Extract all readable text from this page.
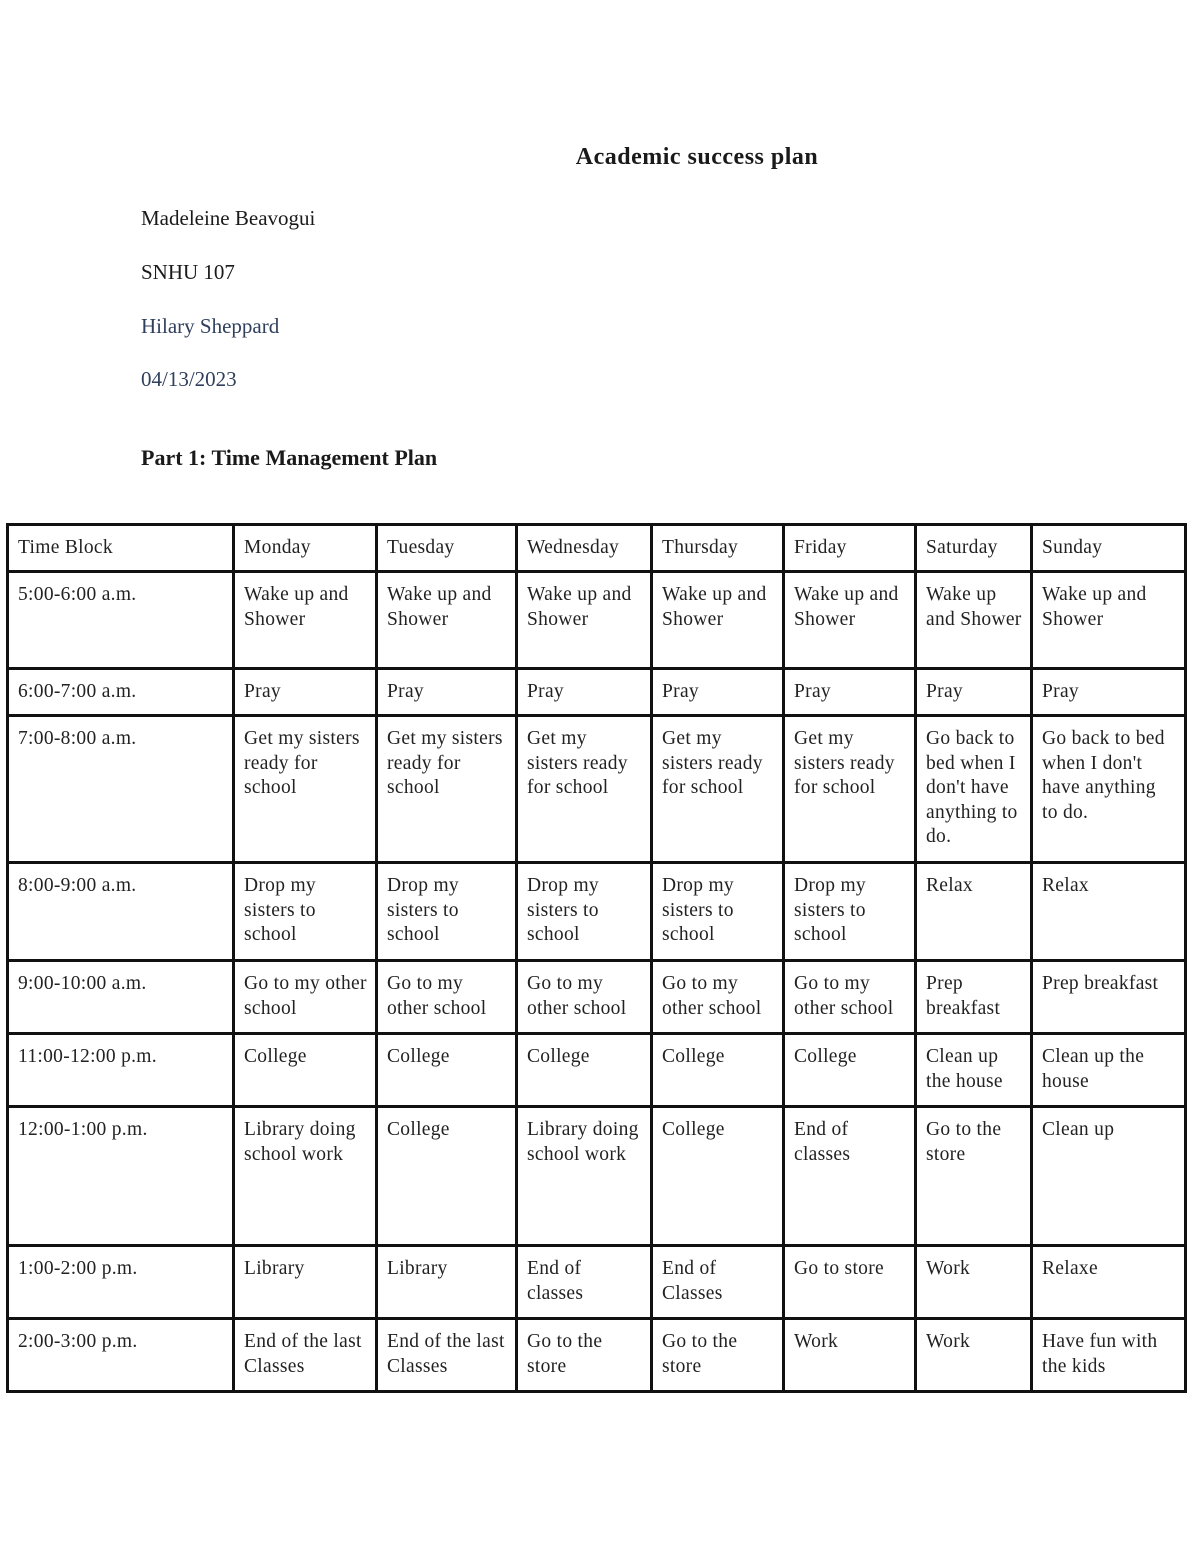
Academic success plan
Madeleine Beavogui
SNHU 107
Hilary Sheppard
04/13/2023
Part 1: Time Management Plan
Time Block	Monday	Tuesday	Wednesday	Thursday	Friday	Saturday	Sunday
5:00-6:00 a.m.	Wake up and Shower	Wake up and Shower	Wake up and Shower	Wake up and Shower	Wake up and Shower	Wake up and Shower	Wake up and Shower
6:00-7:00 a.m.	Pray	Pray	Pray	Pray	Pray	Pray	Pray
7:00-8:00 a.m.	Get my sisters ready for school	Get my sisters ready for school	Get my sisters ready for school	Get my sisters ready for school	Get my sisters ready for school	Go back to bed when I don't have anything to do.	Go back to bed when I don't have anything to do.
8:00-9:00 a.m.	Drop my sisters to school	Drop my sisters to school	Drop my sisters to school	Drop my sisters to school	Drop my sisters to school	Relax	Relax
9:00-10:00 a.m.	Go to my other school	Go to my other school	Go to my other school	Go to my other school	Go to my other school	Prep breakfast	Prep breakfast
11:00-12:00 p.m.	College	College	College	College	College	Clean up the house	Clean up the house
12:00-1:00 p.m.	Library doing school work	College	Library doing school work	College	End of classes	Go to the store	Clean up
1:00-2:00 p.m.	Library	Library	End of classes	End of Classes	Go to store	Work	Relaxe
2:00-3:00 p.m.	End of the last Classes	End of the last Classes	Go to the store	Go to the store	Work	Work	Have fun with the kids
